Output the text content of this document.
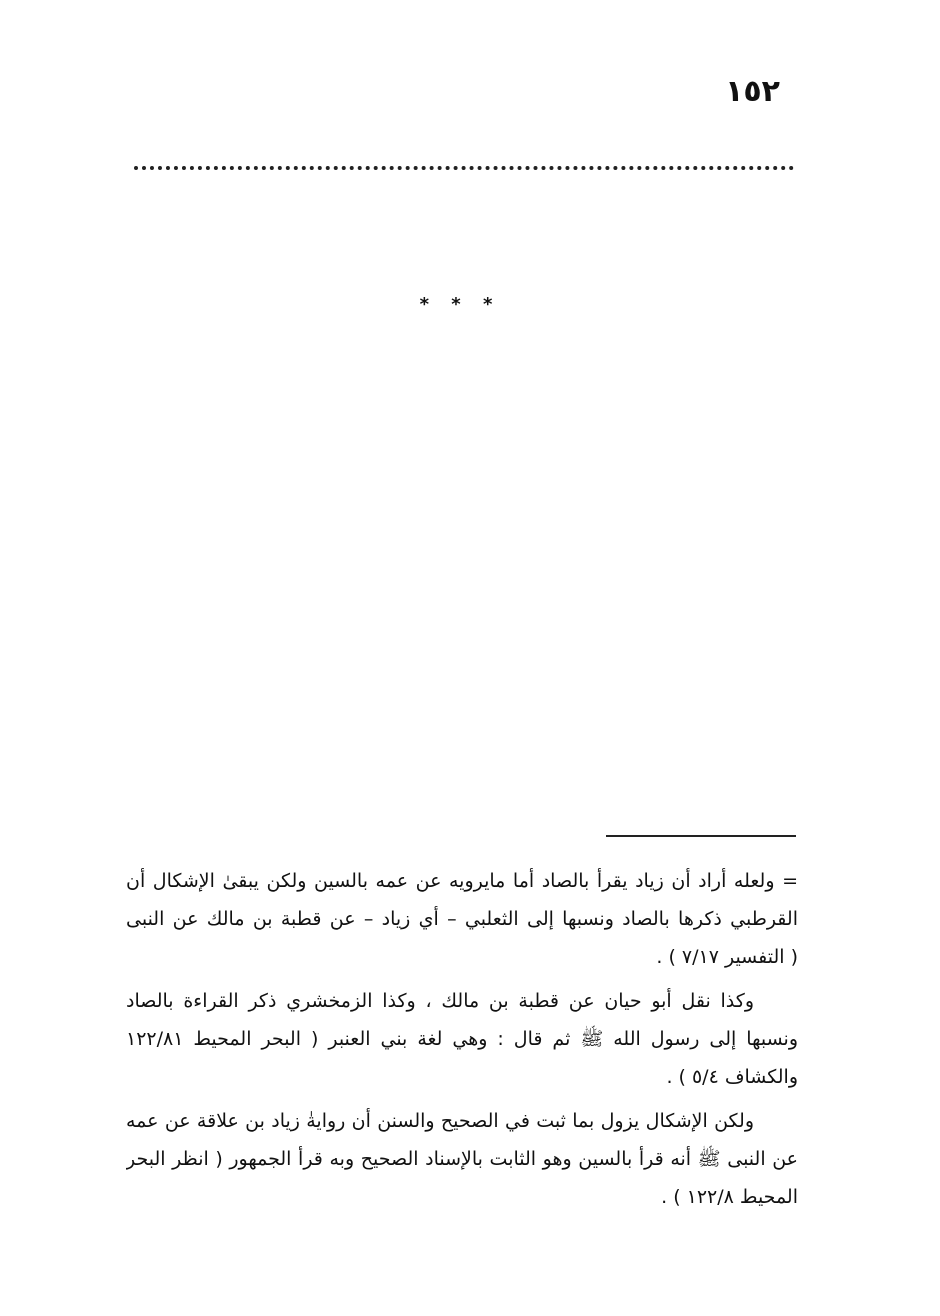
١٥٢
* * *

= ولعله أراد أن زياد يقرأ بالصاد أما مايرويه عن عمه بالسين ولكن يبقىٰ الإشكال أن
القرطبي ذكرها بالصاد ونسبها إلى الثعلبي – أي زياد – عن قطبة بن مالك عن النبى
( التفسير ٧/١٧ ) .

وكذا نقل أبو حيان عن قطبة بن مالك ، وكذا الزمخشري ذكر القراءة بالصاد
ونسبها إلى رسول الله ﷺ ثم قال : وهي لغة بني العنبر ( البحر المحيط ١٢٢/٨١
والكشاف ٥/٤ ) .

ولكن الإشكال يزول بما ثبت في الصحيح والسنن أن روايةٰ زياد بن علاقة عن عمه
عن النبى ﷺ أنه قرأ بالسين وهو الثابت بالإسناد الصحيح وبه قرأ الجمهور ( انظر البحر
المحيط ١٢٢/٨ ) .
